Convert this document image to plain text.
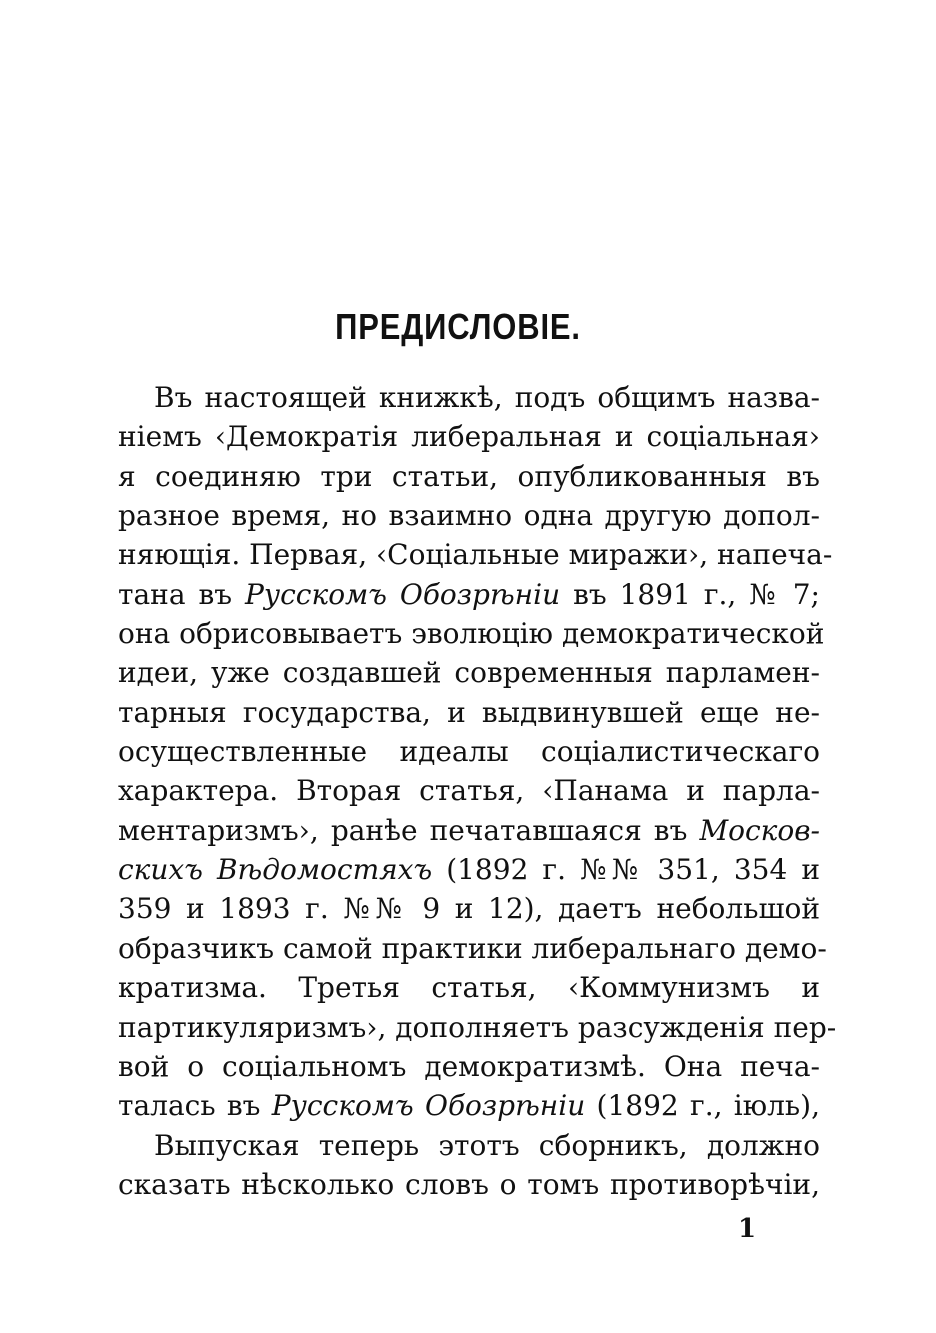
ПРЕДИСЛОВІЕ.
Въ настоящей книжкѣ, подъ общимъ назва-
ніемъ ‹Демократія либеральная и соціальная›
я соединяю три статьи, опубликованныя въ
разное время, но взаимно одна другую допол-
няющія. Первая, ‹Соціальные миражи›, напеча-
тана въ Русскомъ Обозрѣніи въ 1891 г., № 7;
она обрисовываетъ эволюцію демократической
идеи, уже создавшей современныя парламен-
тарныя государства, и выдвинувшей еще не-
осуществленные идеалы соціалистическаго
характера. Вторая статья, ‹Панама и парла-
ментаризмъ›, ранѣе печатавшаяся въ Москов-
скихъ Вѣдомостяхъ (1892 г. №№ 351, 354 и
359 и 1893 г. №№ 9 и 12), даетъ небольшой
образчикъ самой практики либеральнаго демо-
кратизма. Третья статья, ‹Коммунизмъ и
партикуляризмъ›, дополняетъ разсужденія пер-
вой о соціальномъ демократизмѣ. Она печа-
талась въ Русскомъ Обозрѣніи (1892 г., іюль),
Выпуская теперь этотъ сборникъ, должно
сказать нѣсколько словъ о томъ противорѣчіи,
1
